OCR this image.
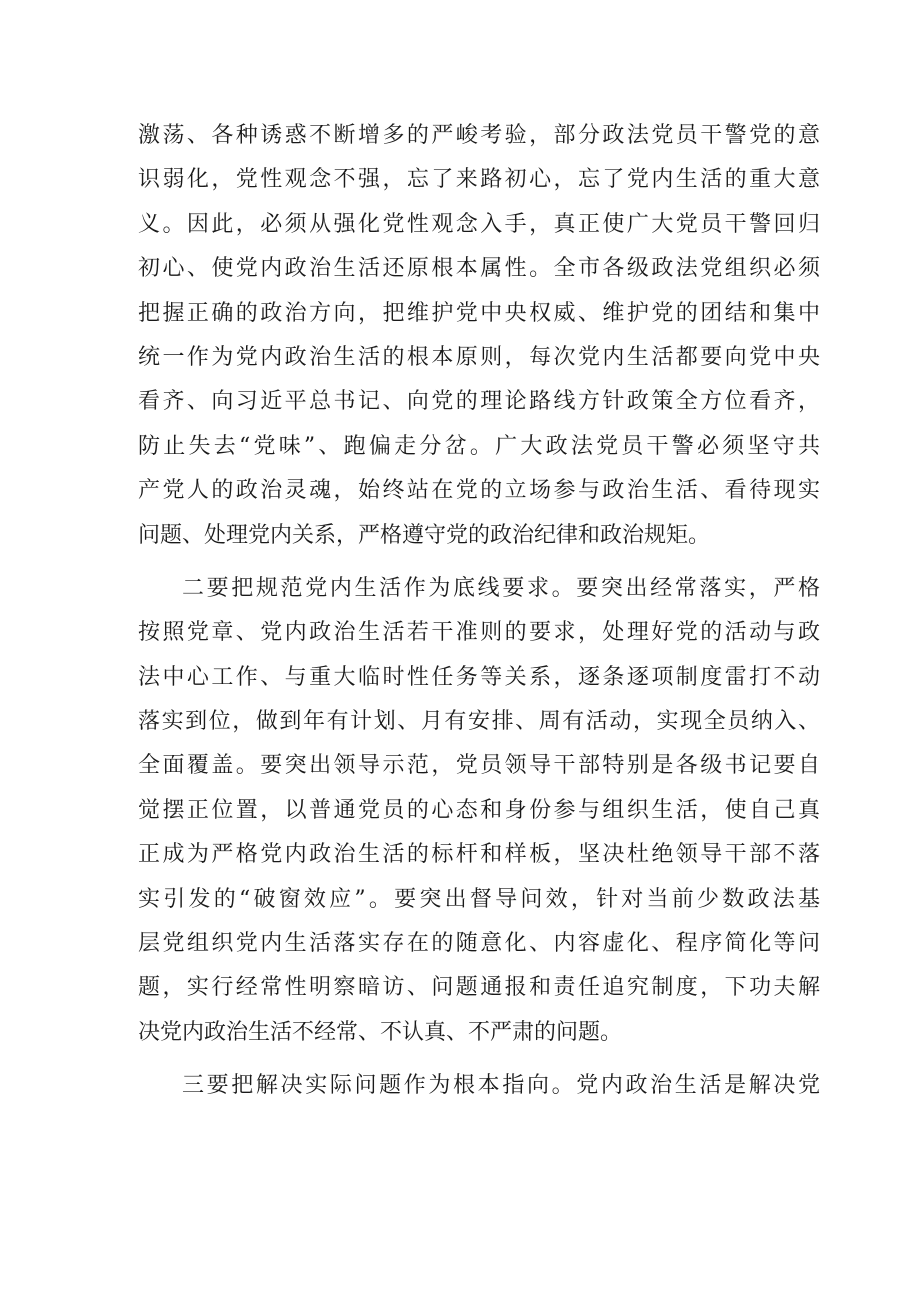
激荡、各种诱惑不断增多的严峻考验，部分政法党员干警党的意
识弱化，党性观念不强，忘了来路初心，忘了党内生活的重大意
义。因此，必须从强化党性观念入手，真正使广大党员干警回归
初心、使党内政治生活还原根本属性。全市各级政法党组织必须
把握正确的政治方向，把维护党中央权威、维护党的团结和集中
统一作为党内政治生活的根本原则，每次党内生活都要向党中央
看齐、向习近平总书记、向党的理论路线方针政策全方位看齐，
防止失去“党味”、跑偏走分岔。广大政法党员干警必须坚守共
产党人的政治灵魂，始终站在党的立场参与政治生活、看待现实
问题、处理党内关系，严格遵守党的政治纪律和政治规矩。
二要把规范党内生活作为底线要求。要突出经常落实，严格
按照党章、党内政治生活若干准则的要求，处理好党的活动与政
法中心工作、与重大临时性任务等关系，逐条逐项制度雷打不动
落实到位，做到年有计划、月有安排、周有活动，实现全员纳入、
全面覆盖。要突出领导示范，党员领导干部特别是各级书记要自
觉摆正位置，以普通党员的心态和身份参与组织生活，使自己真
正成为严格党内政治生活的标杆和样板，坚决杜绝领导干部不落
实引发的“破窗效应”。要突出督导问效，针对当前少数政法基
层党组织党内生活落实存在的随意化、内容虚化、程序简化等问
题，实行经常性明察暗访、问题通报和责任追究制度，下功夫解
决党内政治生活不经常、不认真、不严肃的问题。
三要把解决实际问题作为根本指向。党内政治生活是解决党
